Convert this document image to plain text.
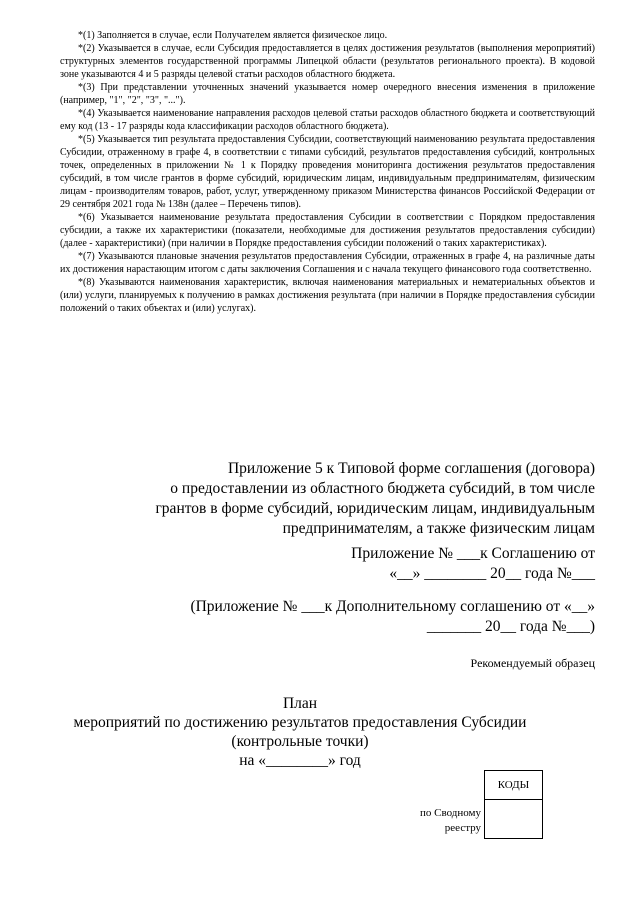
*(1) Заполняется в случае, если Получателем является физическое лицо.

*(2) Указывается в случае, если Субсидия предоставляется в целях достижения результатов (выполнения мероприятий) структурных элементов государственной программы Липецкой области (результатов регионального проекта). В кодовой зоне указываются 4 и 5 разряды целевой статьи расходов областного бюджета.

*(3) При представлении уточненных значений указывается номер очередного внесения изменения в приложение (например, "1", "2", "3", "...").

*(4) Указывается наименование направления расходов целевой статьи расходов областного бюджета и соответствующий ему код (13 - 17 разряды кода классификации расходов областного бюджета).

*(5) Указывается тип результата предоставления Субсидии, соответствующий наименованию результата предоставления Субсидии, отраженному в графе 4, в соответствии с типами субсидий, результатов предоставления субсидий, контрольных точек, определенных в приложении № 1 к Порядку проведения мониторинга достижения результатов предоставления субсидий, в том числе грантов в форме субсидий, юридическим лицам, индивидуальным предпринимателям, физическим лицам - производителям товаров, работ, услуг, утвержденному приказом Министерства финансов Российской Федерации от 29 сентября 2021 года № 138н (далее – Перечень типов).

*(6) Указывается наименование результата предоставления Субсидии в соответствии с Порядком предоставления субсидии, а также их характеристики (показатели, необходимые для достижения результатов предоставления субсидии) (далее - характеристики) (при наличии в Порядке предоставления субсидии положений о таких характеристиках).

*(7) Указываются плановые значения результатов предоставления Субсидии, отраженных в графе 4, на различные даты их достижения нарастающим итогом с даты заключения Соглашения и с начала текущего финансового года соответственно.

*(8) Указываются наименования характеристик, включая наименования материальных и нематериальных объектов и (или) услуги, планируемых к получению в рамках достижения результата (при наличии в Порядке предоставления субсидии положений о таких объектах и (или) услугах).

Приложение 5 к Типовой форме соглашения (договора)

о предоставлении из областного бюджета субсидий, в том числе

грантов в форме субсидий, юридическим лицам, индивидуальным

предпринимателям, а также физическим лицам

Приложение № ___к Соглашению от

«__» ________ 20__ года №___

(Приложение № ___к Дополнительному соглашению от «__»

_______ 20__ года №___)

Рекомендуемый образец

План

мероприятий по достижению результатов предоставления Субсидии

(контрольные точки)

на «________» год

КОДЫ

по Сводному
реестру
